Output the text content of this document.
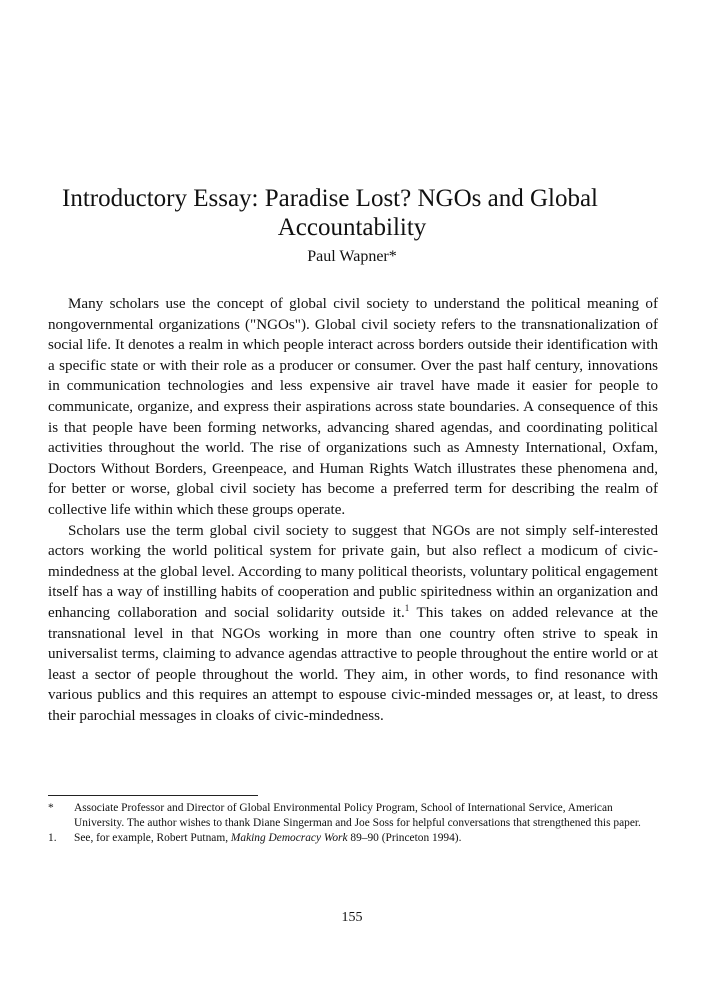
Introductory Essay: Paradise Lost? NGOs and Global
Accountability
Paul Wapner*

Many scholars use the concept of global civil society to understand the political meaning of nongovernmental organizations ("NGOs"). Global civil society refers to the transnationalization of social life. It denotes a realm in which people interact across borders outside their identification with a specific state or with their role as a producer or consumer. Over the past half century, innovations in communication technologies and less expensive air travel have made it easier for people to communicate, organize, and express their aspirations across state boundaries. A consequence of this is that people have been forming networks, advancing shared agendas, and coordinating political activities throughout the world. The rise of organizations such as Amnesty International, Oxfam, Doctors Without Borders, Greenpeace, and Human Rights Watch illustrates these phenomena and, for better or worse, global civil society has become a preferred term for describing the realm of collective life within which these groups operate.

Scholars use the term global civil society to suggest that NGOs are not simply self-interested actors working the world political system for private gain, but also reflect a modicum of civic-mindedness at the global level. According to many political theorists, voluntary political engagement itself has a way of instilling habits of cooperation and public spiritedness within an organization and enhancing collaboration and social solidarity outside it.$^1$ This takes on added relevance at the transnational level in that NGOs working in more than one country often strive to speak in universalist terms, claiming to advance agendas attractive to people throughout the entire world or at least a sector of people throughout the world. They aim, in other words, to find resonance with various publics and this requires an attempt to espouse civic-minded messages or, at least, to dress their parochial messages in cloaks of civic-mindedness.

*	Associate Professor and Director of Global Environmental Policy Program, School of International Service, American University. The author wishes to thank Diane Singerman and Joe Soss for helpful conversations that strengthened this paper.
1.	See, for example, Robert Putnam, Making Democracy Work 89–90 (Princeton 1994).
155
